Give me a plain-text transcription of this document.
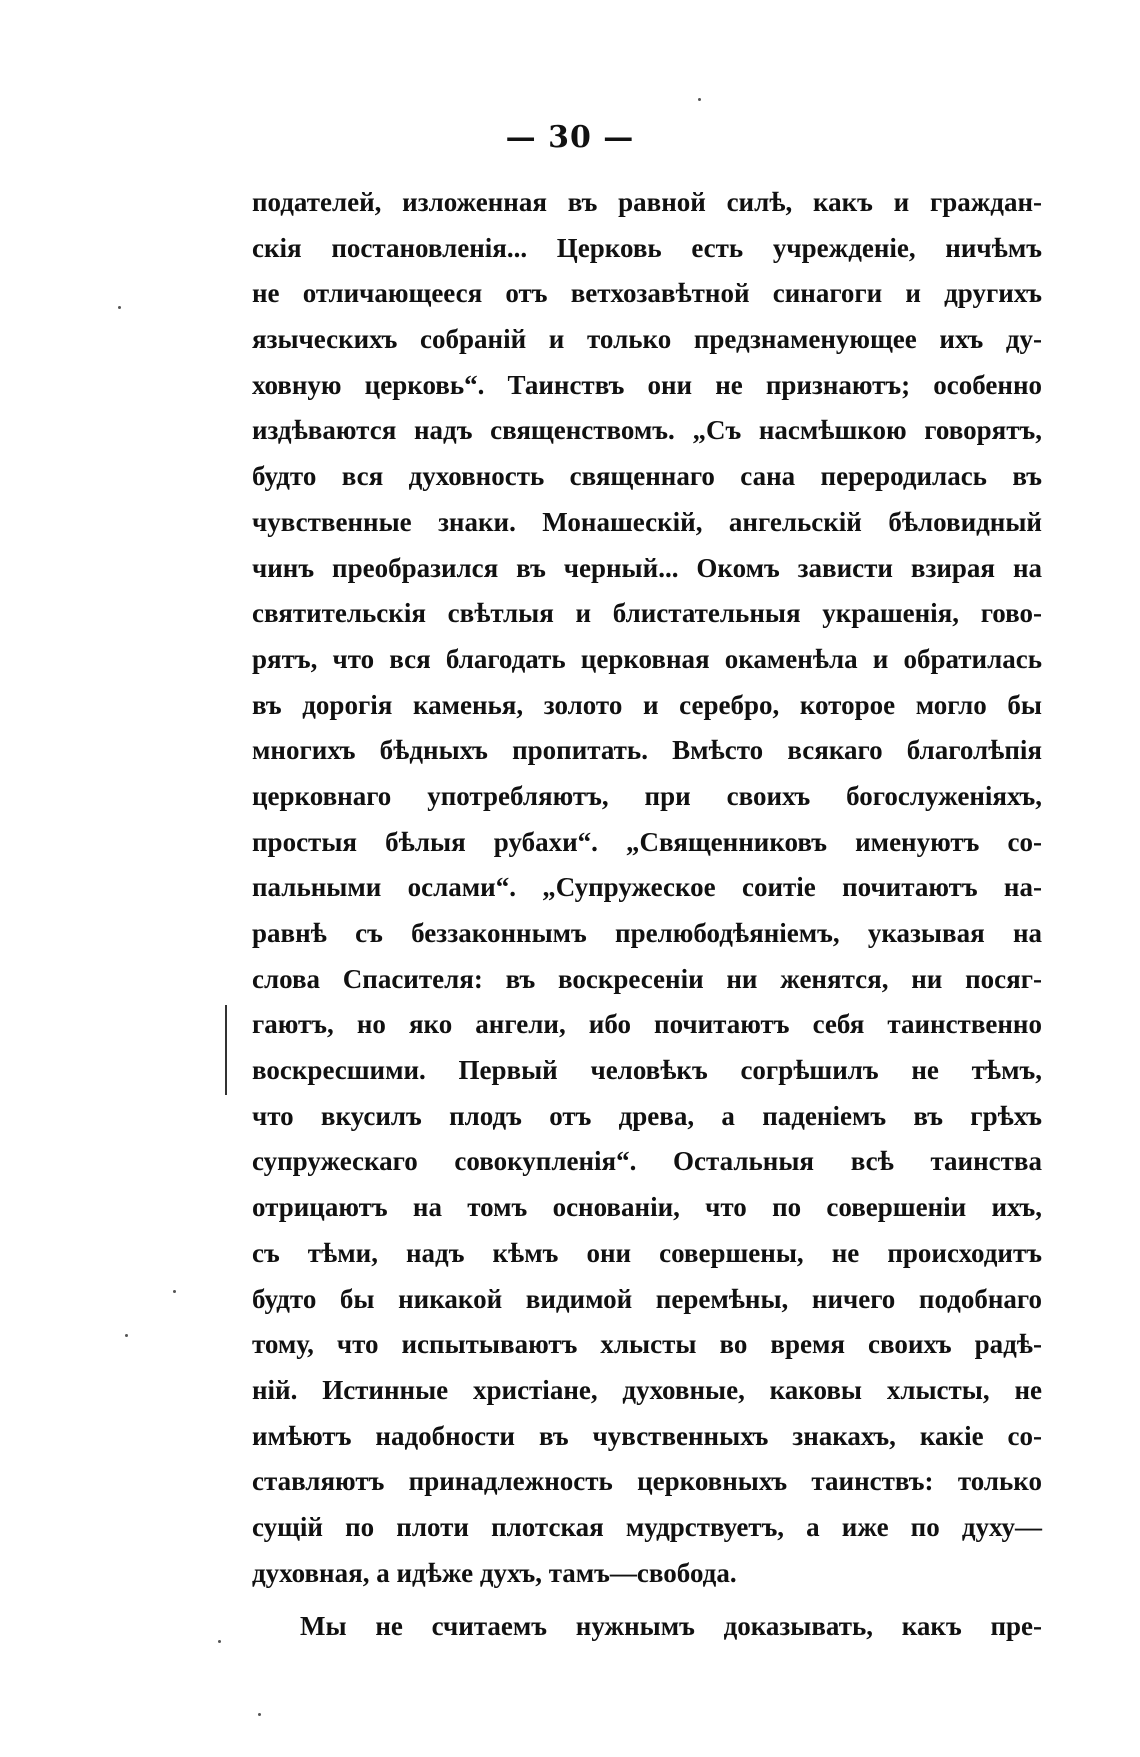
— 30 —
подателей, изложенная въ равной силѣ, какъ и граждан-
скія постановленія... Церковь есть учрежденіе, ничѣмъ
не отличающееся отъ ветхозавѣтной синагоги и другихъ
языческихъ собраній и только предзнаменующее ихъ ду-
ховную церковь“. Таинствъ они не признаютъ; особенно
издѣваются надъ священствомъ. „Съ насмѣшкою говорятъ,
будто вся духовность священнаго сана переродилась въ
чувственные знаки. Монашескій, ангельскій бѣловидный
чинъ преобразился въ черный... Окомъ зависти взирая на
святительскія свѣтлыя и блистательныя украшенія, гово-
рятъ, что вся благодать церковная окаменѣла и обратилась
въ дорогія каменья, золото и серебро, которое могло бы
многихъ бѣдныхъ пропитать. Вмѣсто всякаго благолѣпія
церковнаго употребляютъ, при своихъ богослуженіяхъ,
простыя бѣлыя рубахи“. „Священниковъ именуютъ со-
пальными ослами“. „Супружеское соитіе почитаютъ на-
равнѣ съ беззаконнымъ прелюбодѣяніемъ, указывая на
слова Спасителя: въ воскресеніи ни женятся, ни посяг-
гаютъ, но яко ангели, ибо почитаютъ себя таинственно
воскресшими. Первый человѣкъ согрѣшилъ не тѣмъ,
что вкусилъ плодъ отъ древа, а паденіемъ въ грѣхъ
супружескаго совокупленія“. Остальныя всѣ таинства
отрицаютъ на томъ основаніи, что по совершеніи ихъ,
съ тѣми, надъ кѣмъ они совершены, не происходитъ
будто бы никакой видимой перемѣны, ничего подобнаго
тому, что испытываютъ хлысты во время своихъ радѣ-
ній. Истинные христіане, духовные, каковы хлысты, не
имѣютъ надобности въ чувственныхъ знакахъ, какіе со-
ставляютъ принадлежность церковныхъ таинствъ: только
сущій по плоти плотская мудрствуетъ, а иже по духу—
духовная, а идѣже духъ, тамъ—свобода.
Мы не считаемъ нужнымъ доказывать, какъ пре-
